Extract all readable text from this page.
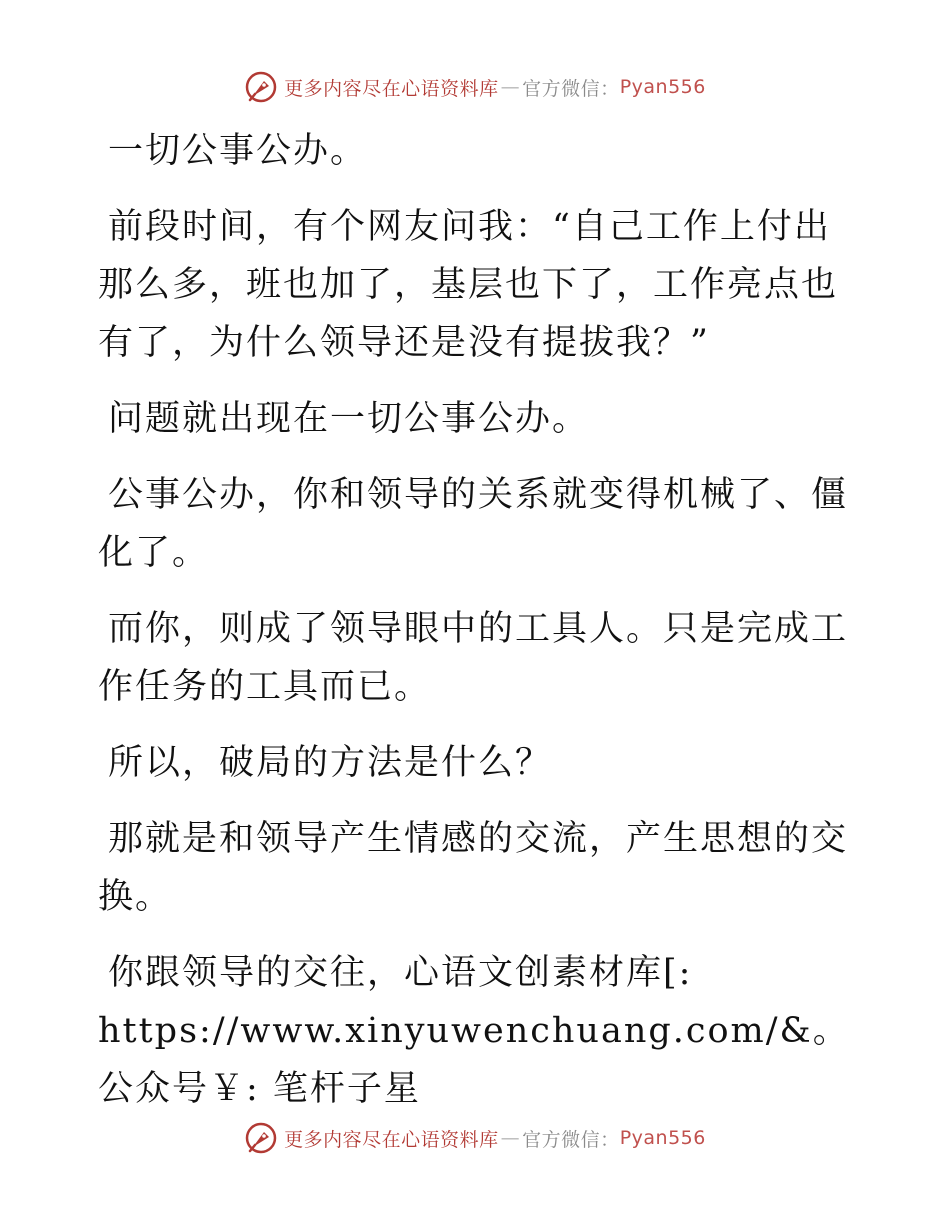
更多内容尽在心语资料库 — 官方微信： Pyan556

一切公事公办。

前段时间，有个网友问我：“自己工作上付出那么多，班也加了，基层也下了，工作亮点也有了，为什么领导还是没有提拔我？”

问题就出现在一切公事公办。

公事公办，你和领导的关系就变得机械了、僵化了。

而你，则成了领导眼中的工具人。只是完成工作任务的工具而已。

所以，破局的方法是什么？

那就是和领导产生情感的交流，产生思想的交换。

你跟领导的交往，心语文创素材库[: https://www.xinyuwenchuang.com/&。公众号￥: 笔杆子星

更多内容尽在心语资料库 — 官方微信： Pyan556
